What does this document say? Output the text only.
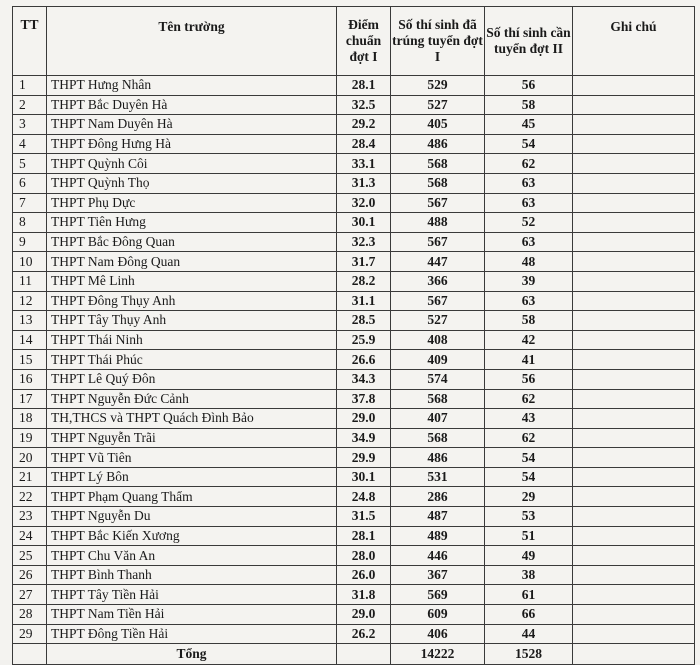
TT	Tên trường	Điểm chuẩn đợt I	Số thí sinh đã trúng tuyển đợt I	Số thí sinh cần tuyển đợt II	Ghi chú
1	THPT Hưng Nhân	28.1	529	56	
2	THPT Bắc Duyên Hà	32.5	527	58	
3	THPT Nam Duyên Hà	29.2	405	45	
4	THPT Đông Hưng Hà	28.4	486	54	
5	THPT Quỳnh Côi	33.1	568	62	
6	THPT Quỳnh Thọ	31.3	568	63	
7	THPT Phụ Dực	32.0	567	63	
8	THPT Tiên Hưng	30.1	488	52	
9	THPT Bắc Đông Quan	32.3	567	63	
10	THPT Nam Đông Quan	31.7	447	48	
11	THPT Mê Linh	28.2	366	39	
12	THPT Đông Thụy Anh	31.1	567	63	
13	THPT Tây Thụy Anh	28.5	527	58	
14	THPT Thái Ninh	25.9	408	42	
15	THPT Thái Phúc	26.6	409	41	
16	THPT Lê Quý Đôn	34.3	574	56	
17	THPT Nguyễn Đức Cảnh	37.8	568	62	
18	TH,THCS và THPT Quách Đình Bảo	29.0	407	43	
19	THPT Nguyễn Trãi	34.9	568	62	
20	THPT Vũ Tiên	29.9	486	54	
21	THPT Lý Bôn	30.1	531	54	
22	THPT Phạm Quang Thẩm	24.8	286	29	
23	THPT Nguyễn Du	31.5	487	53	
24	THPT Bắc Kiến Xương	28.1	489	51	
25	THPT Chu Văn An	28.0	446	49	
26	THPT Bình Thanh	26.0	367	38	
27	THPT Tây Tiền Hải	31.8	569	61	
28	THPT Nam Tiền Hải	29.0	609	66	
29	THPT Đông Tiền Hải	26.2	406	44	
	Tổng		14222	1528	
